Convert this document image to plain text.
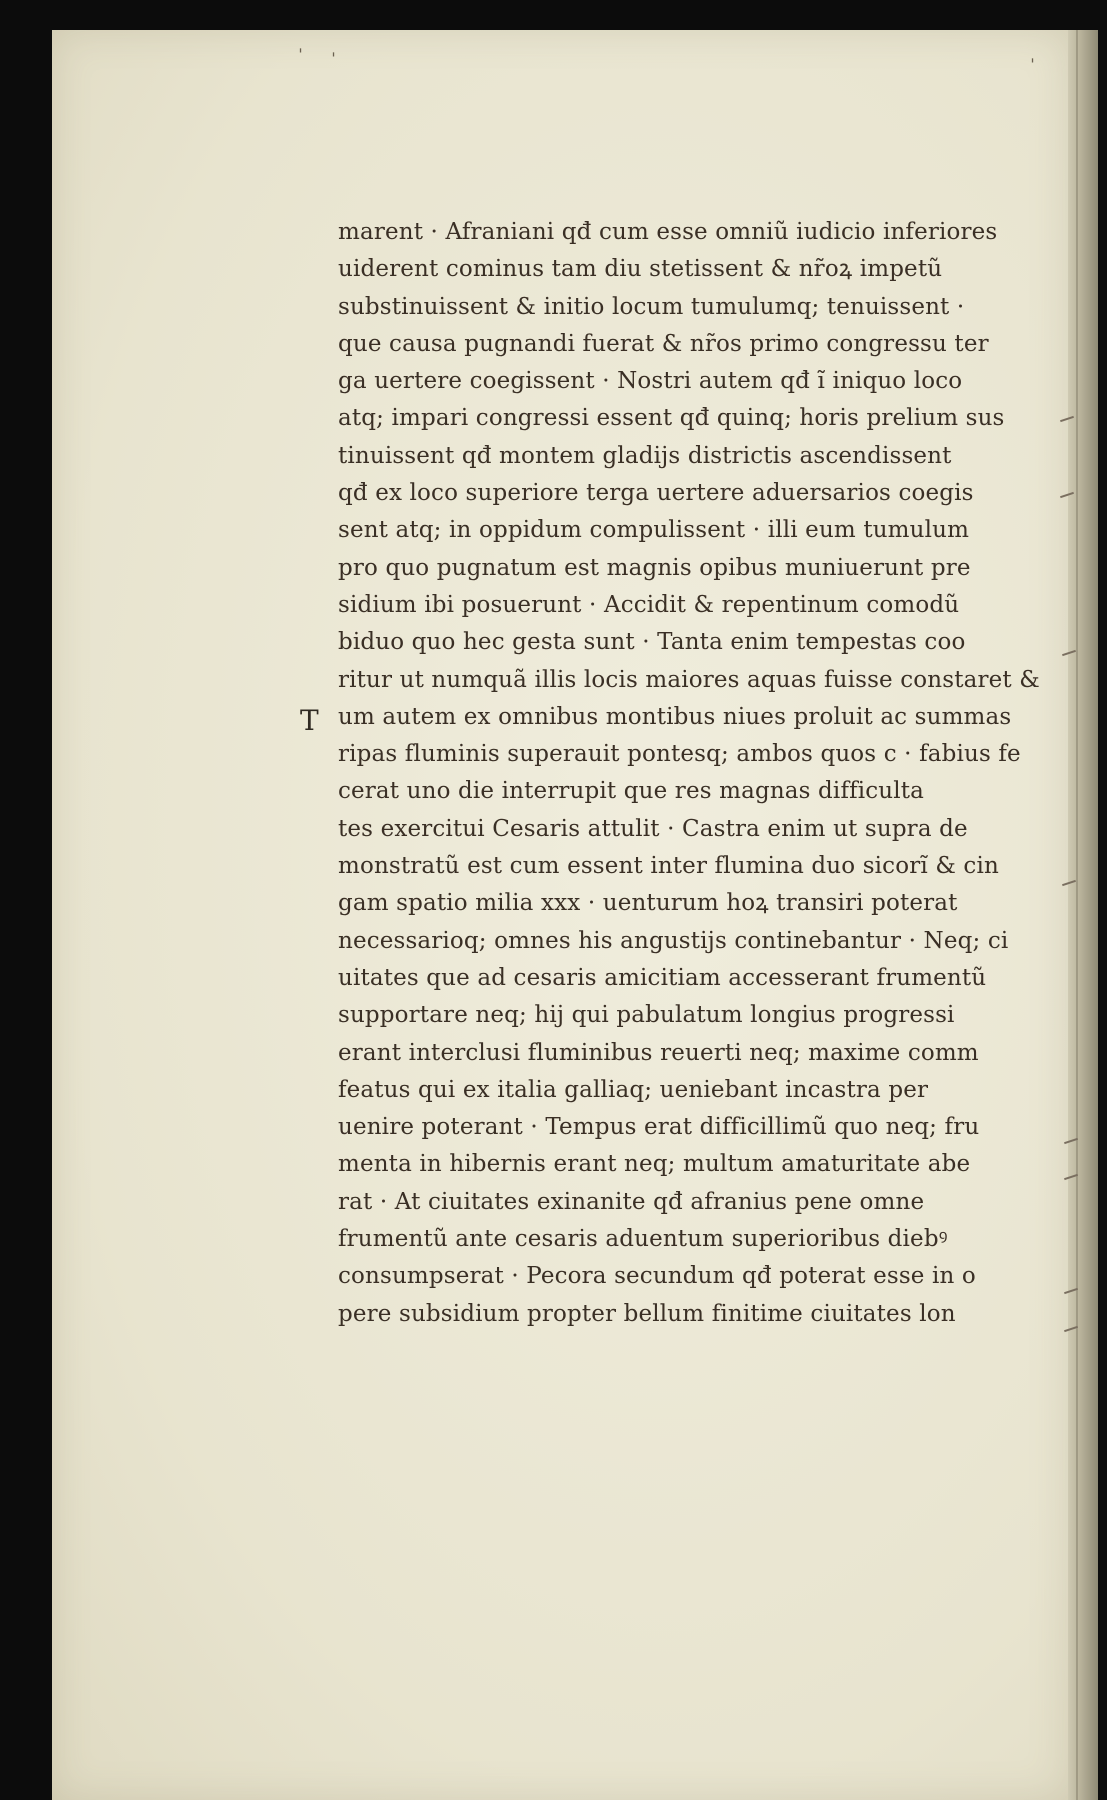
ˈ ˈ	ˈ
T
marent · Afraniani qđ cum esse omniũ iudicio inferiores
uiderent cominus tam diu stetissent & nr̃oꝝ impetũ
substinuissent & initio locum tumulumq; tenuissent ·
que causa pugnandi fuerat & nr̃os primo congressu ter
ga uertere coegissent · Nostri autem qđ ĩ iniquo loco
atq; impari congressi essent qđ quinq; horis prelium sus
tinuissent qđ montem gladijs districtis ascendissent
qđ ex loco superiore terga uertere aduersarios coegis
sent atq; in oppidum compulissent · illi eum tumulum
pro quo pugnatum est magnis opibus muniuerunt pre
sidium ibi posuerunt · Accidit & repentinum comodũ
biduo quo hec gesta sunt · Tanta enim tempestas coo
ritur ut numquã illis locis maiores aquas fuisse constaret &
um autem ex omnibus montibus niues proluit ac summas
ripas fluminis superauit pontesq; ambos quos c · fabius fe
cerat uno die interrupit que res magnas difficulta
tes exercitui Cesaris attulit · Castra enim ut supra de
monstratũ est cum essent inter flumina duo sicorĩ & cin
gam spatio milia xxx · uenturum hoꝝ transiri poterat
necessarioq; omnes his angustijs continebantur · Neq; ci
uitates que ad cesaris amicitiam accesserant frumentũ
supportare neq; hij qui pabulatum longius progressi
erant interclusi fluminibus reuerti neq; maxime comm
featus qui ex italia galliaq; ueniebant incastra per
uenire poterant · Tempus erat difficillimũ quo neq; fru
menta in hibernis erant neq; multum amaturitate abe
rat · At ciuitates exinanite qđ afranius pene omne
frumentũ ante cesaris aduentum superioribus diebꝰ
consumpserat · Pecora secundum qđ poterat esse in o
pere subsidium propter bellum finitime ciuitates lon
